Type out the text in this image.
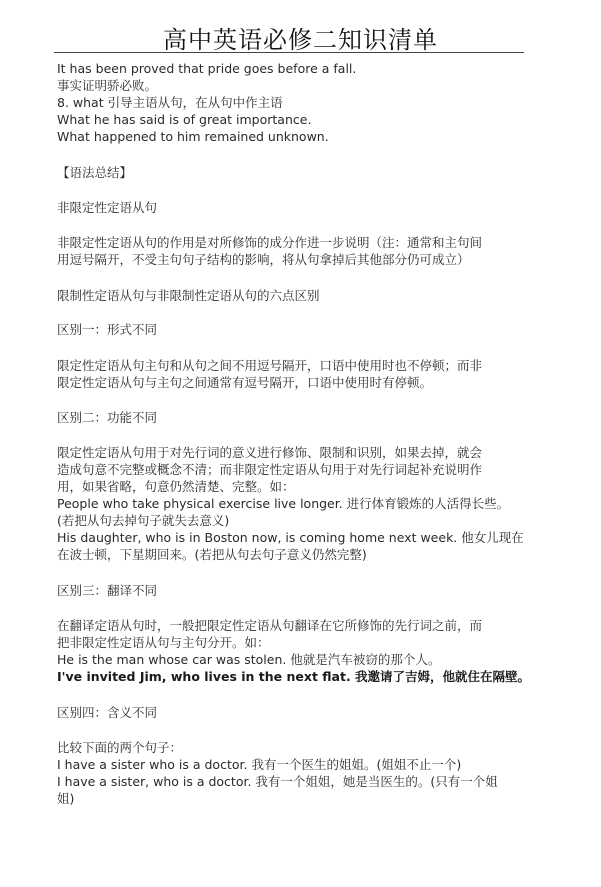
高中英语必修二知识清单
It has been proved that pride goes before a fall.
事实证明骄必败。
8. what 引导主语从句，在从句中作主语
What he has said is of great importance.
What happened to him remained unknown.
【语法总结】
非限定性定语从句
非限定性定语从句的作用是对所修饰的成分作进一步说明（注：通常和主句间
用逗号隔开，不受主句句子结构的影响，将从句拿掉后其他部分仍可成立）
限制性定语从句与非限制性定语从句的六点区别
区别一：形式不同
限定性定语从句主句和从句之间不用逗号隔开，口语中使用时也不停顿；而非
限定性定语从句与主句之间通常有逗号隔开，口语中使用时有停顿。
区别二：功能不同
限定性定语从句用于对先行词的意义进行修饰、限制和识别，如果去掉，就会
造成句意不完整或概念不清；而非限定性定语从句用于对先行词起补充说明作
用，如果省略，句意仍然清楚、完整。如：
People who take physical exercise live longer. 进行体育锻炼的人活得长些。
(若把从句去掉句子就失去意义)
His daughter, who is in Boston now, is coming home next week. 他女儿现在
在波士顿，下星期回来。(若把从句去句子意义仍然完整)
区别三：翻译不同
在翻译定语从句时，一般把限定性定语从句翻译在它所修饰的先行词之前，而
把非限定性定语从句与主句分开。如：
He is the man whose car was stolen. 他就是汽车被窃的那个人。
I've invited Jim, who lives in the next flat. 我邀请了吉姆，他就住在隔壁。
区别四：含义不同
比较下面的两个句子：
I have a sister who is a doctor. 我有一个医生的姐姐。(姐姐不止一个)
I have a sister, who is a doctor. 我有一个姐姐，她是当医生的。(只有一个姐
姐)
